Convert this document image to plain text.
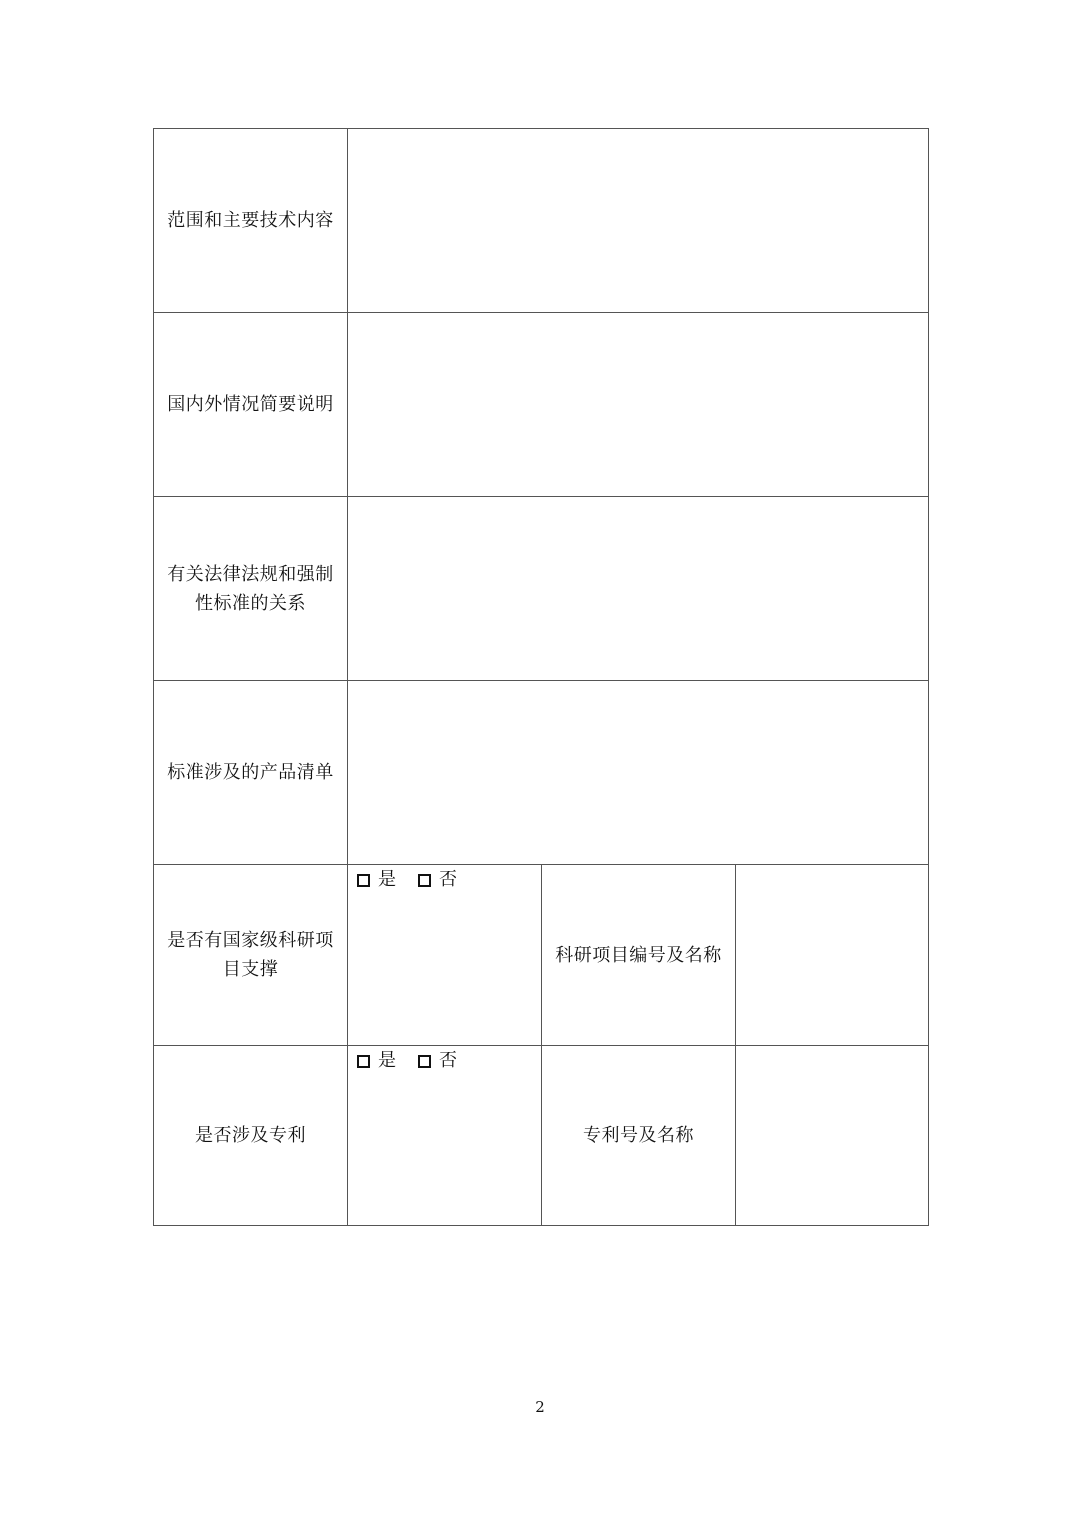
范围和主要技术内容			

国内外情况简要说明			

有关法律法规和强制
性标准的关系			

标准涉及的产品清单			

是否有国家级科研项
目支撑	是 否	科研项目编号及名称	

是否涉及专利	是 否	专利号及名称	

2
